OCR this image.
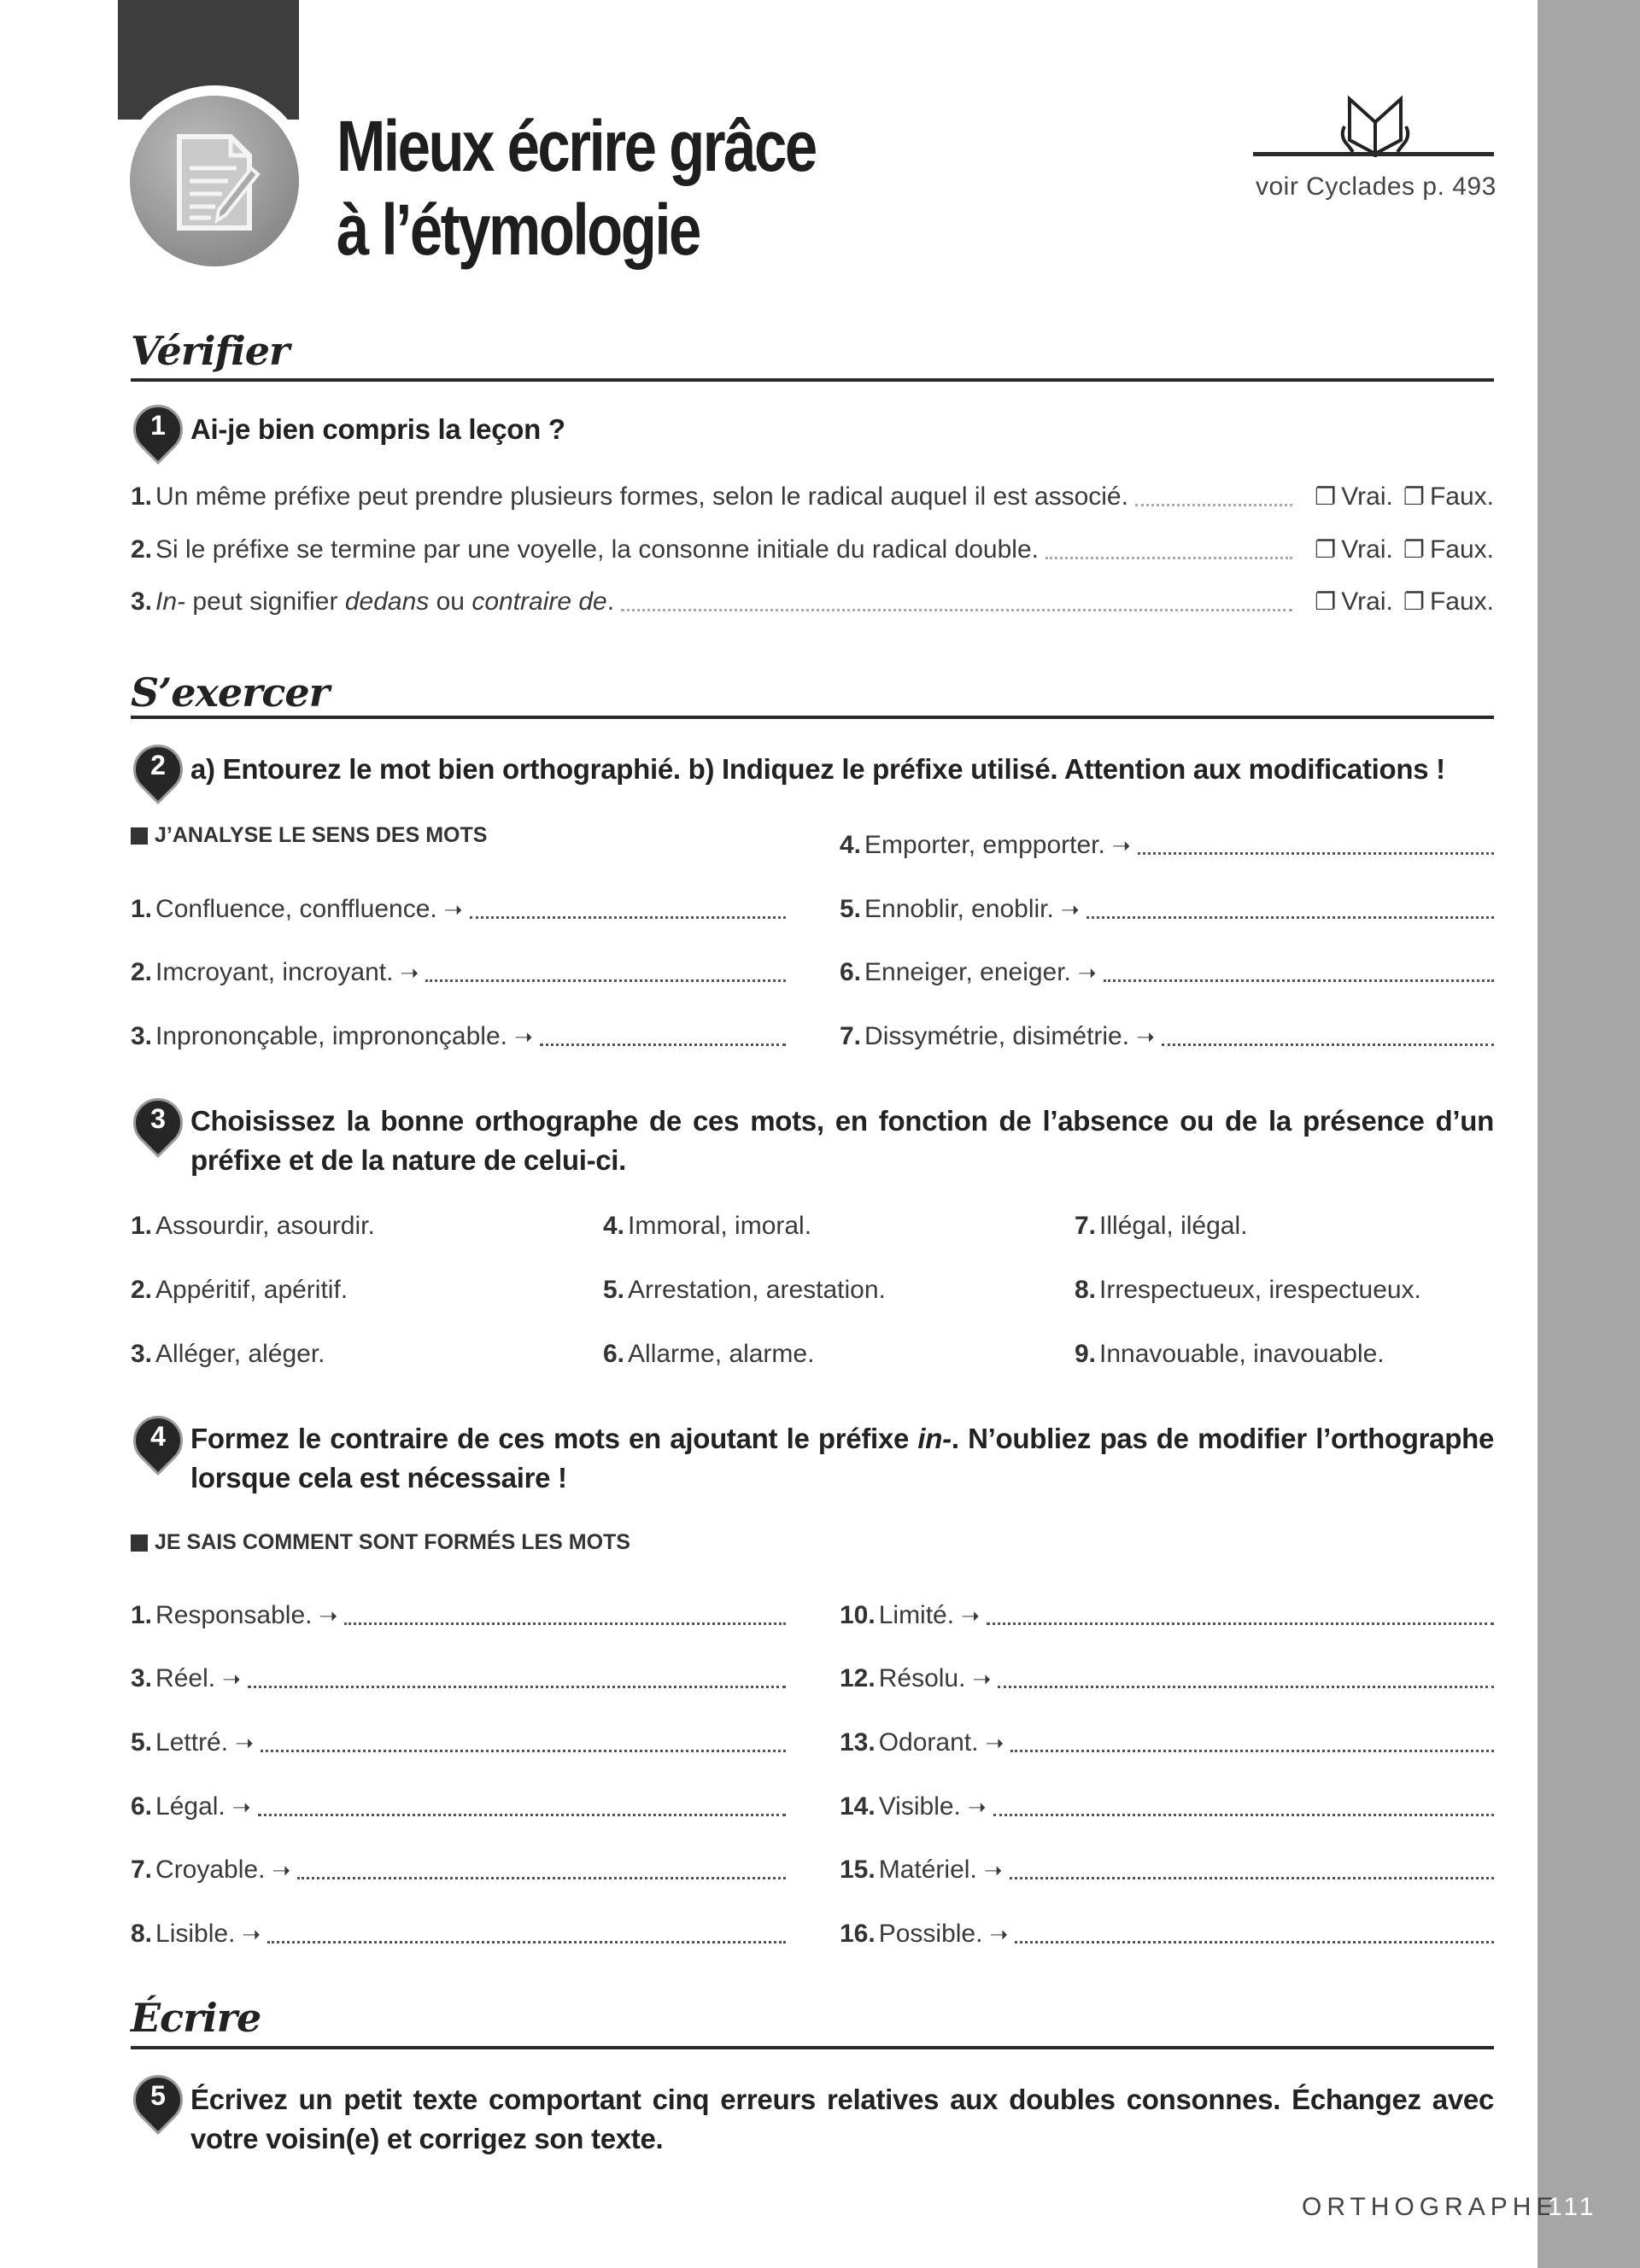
Mieux écrire grâce
à l’étymologie
voir Cyclades p. 493
Vérifier
1 Ai-je bien compris la leçon ?
1. Un même préfixe peut prendre plusieurs formes, selon le radical auquel il est associé.	❐ Vrai. ❐ Faux.
2. Si le préfixe se termine par une voyelle, la consonne initiale du radical double.	❐ Vrai. ❐ Faux.
3. In- peut signifier dedans ou contraire de.	❐ Vrai. ❐ Faux.
S’exercer
2 a) Entourez le mot bien orthographié. b) Indiquez le préfixe utilisé. Attention aux modifications !
J’ANALYSE LE SENS DES MOTS
1. Confluence, conffluence. ➝
2. Imcroyant, incroyant. ➝
3. Inprononçable, imprononçable. ➝
4. Emporter, empporter. ➝
5. Ennoblir, enoblir. ➝
6. Enneiger, eneiger. ➝
7. Dissymétrie, disimétrie. ➝
3 Choisissez la bonne orthographe de ces mots, en fonction de l’absence ou de la présence d’un préfixe et de la nature de celui-ci.
1. Assourdir, asourdir.
2. Appéritif, apéritif.
3. Alléger, aléger.
4. Immoral, imoral.
5. Arrestation, arestation.
6. Allarme, alarme.
7. Illégal, ilégal.
8. Irrespectueux, irespectueux.
9. Innavouable, inavouable.
4 Formez le contraire de ces mots en ajoutant le préfixe in-. N’oubliez pas de modifier l’orthographe lorsque cela est nécessaire !
JE SAIS COMMENT SONT FORMÉS LES MOTS
1. Responsable. ➝	10. Limité. ➝
3. Réel. ➝	12. Résolu. ➝
5. Lettré. ➝	13. Odorant. ➝
6. Légal. ➝	14. Visible. ➝
7. Croyable. ➝	15. Matériel. ➝
8. Lisible. ➝	16. Possible. ➝
Écrire
5 Écrivez un petit texte comportant cinq erreurs relatives aux doubles consonnes. Échangez avec votre voisin(e) et corrigez son texte.
ORTHOGRAPHE
111
